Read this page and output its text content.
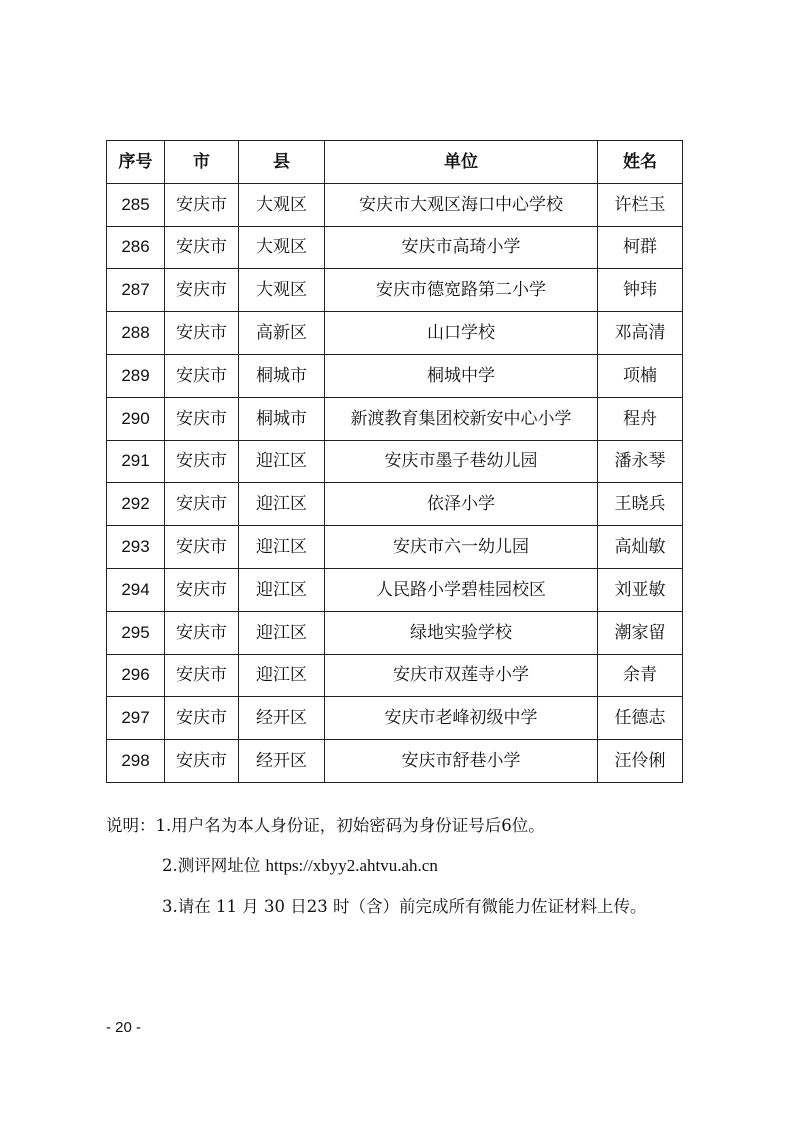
序号	市	县	单位	姓名
285	安庆市	大观区	安庆市大观区海口中心学校	许栏玉
286	安庆市	大观区	安庆市高琦小学	柯群
287	安庆市	大观区	安庆市德宽路第二小学	钟玮
288	安庆市	高新区	山口学校	邓高清
289	安庆市	桐城市	桐城中学	项楠
290	安庆市	桐城市	新渡教育集团校新安中心小学	程舟
291	安庆市	迎江区	安庆市墨子巷幼儿园	潘永琴
292	安庆市	迎江区	依泽小学	王晓兵
293	安庆市	迎江区	安庆市六一幼儿园	高灿敏
294	安庆市	迎江区	人民路小学碧桂园校区	刘亚敏
295	安庆市	迎江区	绿地实验学校	潮家留
296	安庆市	迎江区	安庆市双莲寺小学	余青
297	安庆市	经开区	安庆市老峰初级中学	任德志
298	安庆市	经开区	安庆市舒巷小学	汪伶俐
说明：1.用户名为本人身份证，初始密码为身份证号后6位。
2.测评网址位 https://xbyy2.ahtvu.ah.cn
3.请在 11 月 30 日23 时（含）前完成所有微能力佐证材料上传。
- 20 -
